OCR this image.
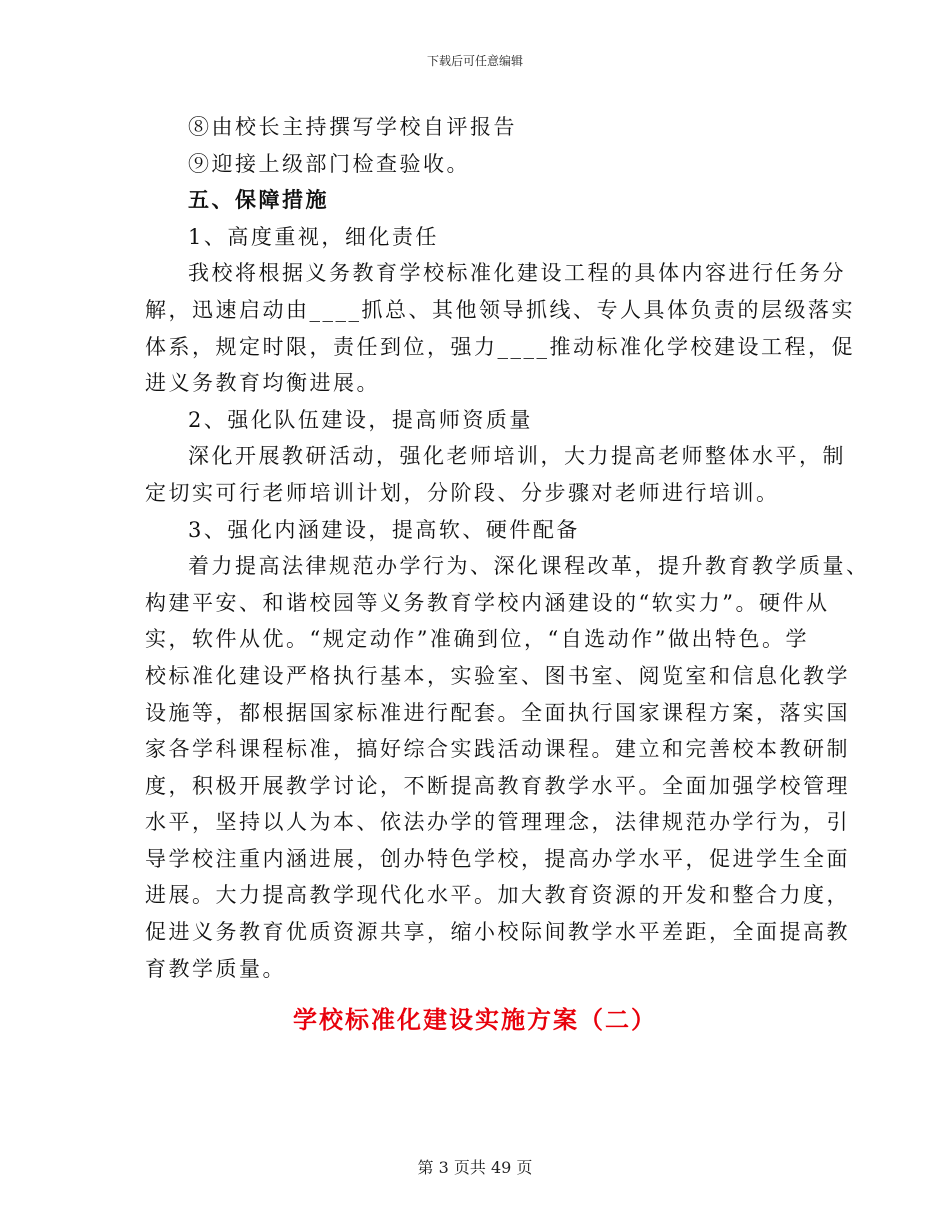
下载后可任意编辑
⑧由校长主持撰写学校自评报告
⑨迎接上级部门检查验收。
五、保障措施
1、高度重视，细化责任
我校将根据义务教育学校标准化建设工程的具体内容进行任务分
解，迅速启动由____抓总、其他领导抓线、专人具体负责的层级落实
体系，规定时限，责任到位，强力____推动标准化学校建设工程，促
进义务教育均衡进展。
2、强化队伍建设，提高师资质量
深化开展教研活动，强化老师培训，大力提高老师整体水平，制
定切实可行老师培训计划，分阶段、分步骤对老师进行培训。
3、强化内涵建设，提高软、硬件配备
着力提高法律规范办学行为、深化课程改革，提升教育教学质量、
构建平安、和谐校园等义务教育学校内涵建设的“软实力”。硬件从
实，软件从优。“规定动作”准确到位，“自选动作”做出特色。学
校标准化建设严格执行基本，实验室、图书室、阅览室和信息化教学
设施等，都根据国家标准进行配套。全面执行国家课程方案，落实国
家各学科课程标准，搞好综合实践活动课程。建立和完善校本教研制
度，积极开展教学讨论，不断提高教育教学水平。全面加强学校管理
水平，坚持以人为本、依法办学的管理理念，法律规范办学行为，引
导学校注重内涵进展，创办特色学校，提高办学水平，促进学生全面
进展。大力提高教学现代化水平。加大教育资源的开发和整合力度，
促进义务教育优质资源共享，缩小校际间教学水平差距，全面提高教
育教学质量。
学校标准化建设实施方案（二）
第 3 页共 49 页
